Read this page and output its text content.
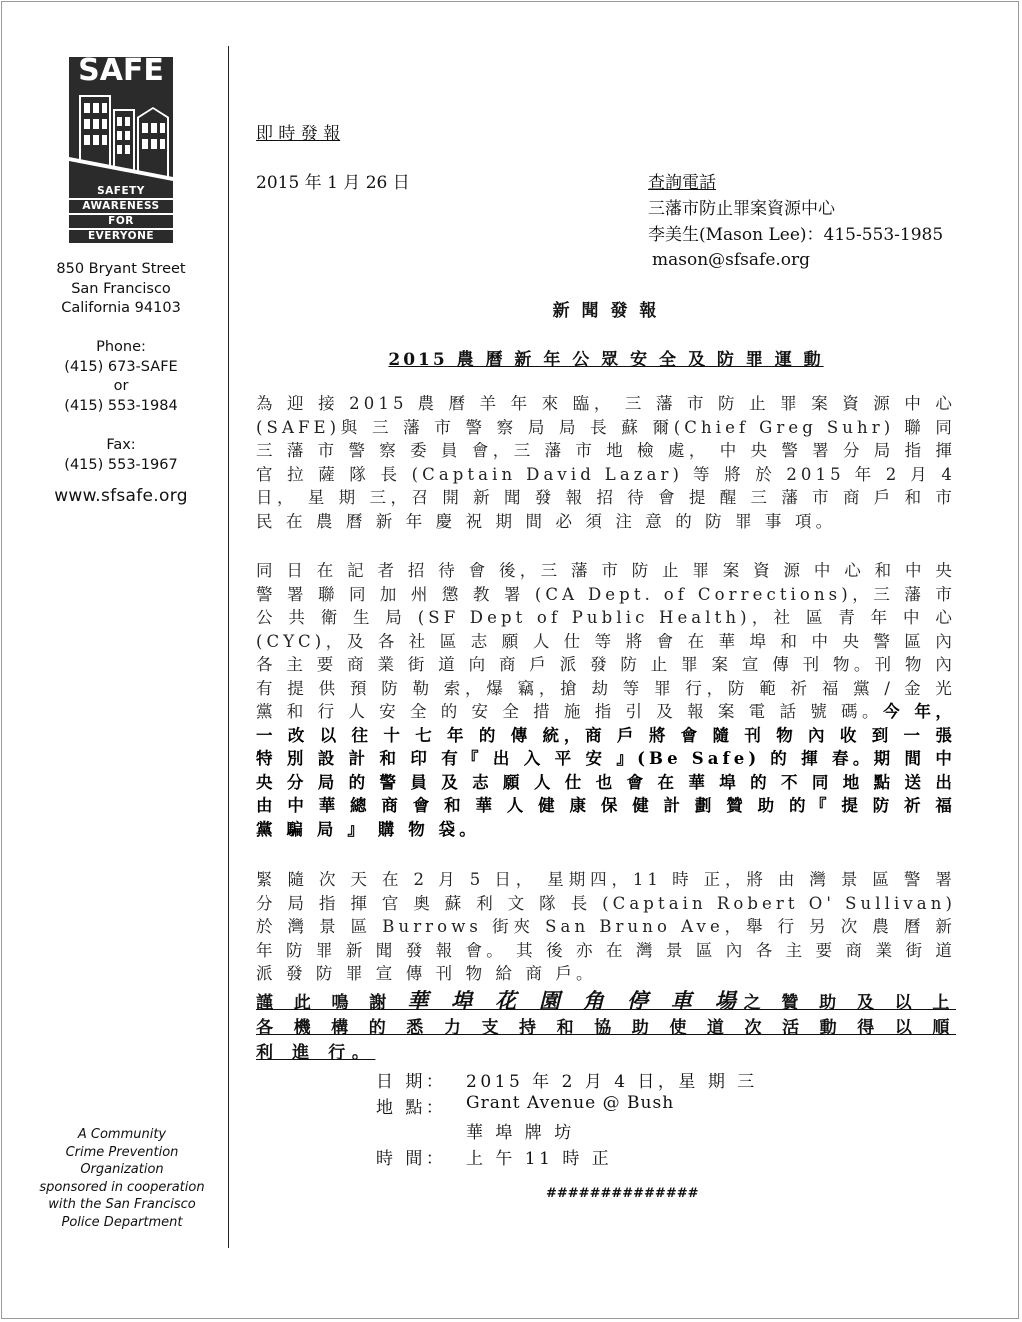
SAFE
SAFETY
AWARENESS
FOR
EVERYONE
850 Bryant Street
San Francisco
California 94103
Phone:
(415) 673-SAFE
or
(415) 553-1984
Fax:
(415) 553-1967
www.sfsafe.org
A Community
Crime Prevention
Organization
sponsored in cooperation
with the San Francisco
Police Department
即 時 發 報
2015 年 1 月 26 日	查詢電話
三藩市防止罪案資源中心
李美生(Mason Lee)：415-553-1985
mason@sfsafe.org
新 聞 發 報
2015 農 曆 新 年 公 眾 安 全 及 防 罪 運 動
為 迎 接 2015 農 曆 羊 年 來 臨， 三 藩 市 防 止 罪 案 資 源 中 心(SAFE)與 三 藩 市 警 察 局 局 長 蘇 爾(Chief Greg Suhr) 聯 同 三 藩 市 警 察 委 員 會，三 藩 市 地 檢 處， 中 央 警 署 分 局 指 揮 官 拉 薩 隊 長 (Captain David Lazar) 等 將 於 2015 年 2 月 4 日， 星 期 三，召 開 新 聞 發 報 招 待 會 提 醒 三 藩 市 商 戶 和 市 民 在 農 曆 新 年 慶 祝 期 間 必 須 注 意 的 防 罪 事 項。
同 日 在 記 者 招 待 會 後，三 藩 市 防 止 罪 案 資 源 中 心 和 中 央 警 署 聯 同 加 州 懲 教 署 (CA Dept. of Corrections)，三 藩 市 公 共 衛 生 局 (SF Dept of Public Health)，社 區 青 年 中 心 (CYC)，及 各 社 區 志 願 人 仕 等 將 會 在 華 埠 和 中 央 警 區 內 各 主 要 商 業 街 道 向 商 戶 派 發 防 止 罪 案 宣 傳 刊 物。刊 物 內 有 提 供 預 防 勒 索，爆 竊，搶 劫 等 罪 行，防 範 祈 福 黨 / 金 光 黨 和 行 人 安 全 的 安 全 措 施 指 引 及 報 案 電 話 號 碼。今 年，一 改 以 往 十 七 年 的 傳 統，商 戶 將 會 隨 刊 物 內 收 到 一 張 特 別 設 計 和 印 有『 出 入 平 安 』(Be Safe) 的 揮 春。期 間 中 央 分 局 的 警 員 及 志 願 人 仕 也 會 在 華 埠 的 不 同 地 點 送 出 由 中 華 總 商 會 和 華 人 健 康 保 健 計 劃 贊 助 的『 提 防 祈 福 黨 騙 局 』 購 物 袋。
緊 隨 次 天 在 2 月 5 日， 星期四，11 時 正，將 由 灣 景 區 警 署 分 局 指 揮 官 奧 蘇 利 文 隊 長 (Captain Robert O' Sullivan) 於 灣 景 區 Burrows 街夾 San Bruno Ave，舉 行 另 次 農 曆 新 年 防 罪 新 聞 發 報 會。 其 後 亦 在 灣 景 區 內 各 主 要 商 業 街 道 派 發 防 罪 宣 傳 刊 物 給 商 戶。
謹 此 鳴 謝 華 埠 花 園 角 停 車 場之 贊 助 及 以 上 各 機 構 的 悉 力 支 持 和 協 助 使 道 次 活 動 得 以 順 利 進 行。
日 期： 2015 年 2 月 4 日，星 期 三
地 點： Grant Avenue @ Bush
華 埠 牌 坊
時 間： 上 午 11 時 正
##############
